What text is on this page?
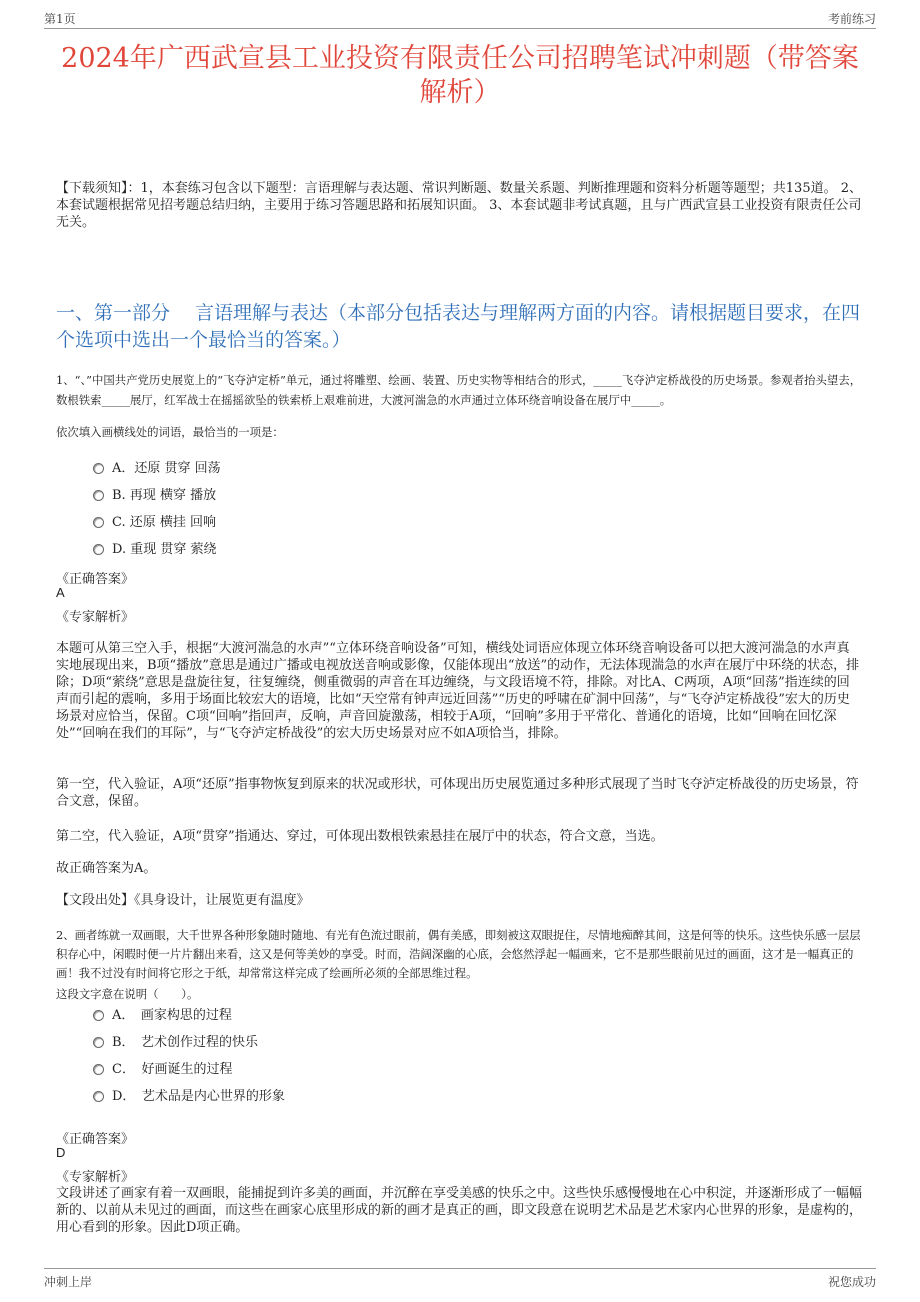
第1页	考前练习
2024年广西武宣县工业投资有限责任公司招聘笔试冲刺题（带答案解析）
【下载须知】：1，本套练习包含以下题型：言语理解与表达题、常识判断题、数量关系题、判断推理题和资料分析题等题型；共135道。 2、本套试题根据常见招考题总结归纳，主要用于练习答题思路和拓展知识面。 3、本套试题非考试真题，且与广西武宣县工业投资有限责任公司无关。
一、第一部分　 言语理解与表达（本部分包括表达与理解两方面的内容。请根据题目要求，在四个选项中选出一个最恰当的答案。）
1、“、”中国共产党历史展览上的“飞夺泸定桥”单元，通过将雕塑、绘画、装置、历史实物等相结合的形式，_____飞夺泸定桥战役的历史场景。参观者抬头望去，数根铁索_____展厅，红军战士在摇摇欲坠的铁索桥上艰难前进，大渡河湍急的水声通过立体环绕音响设备在展厅中_____。
依次填入画横线处的词语，最恰当的一项是：
A．还原 贯穿 回荡
B. 再现 横穿 播放
C. 还原 横挂 回响
D. 重现 贯穿 萦绕
《正确答案》
A
《专家解析》
本题可从第三空入手，根据“大渡河湍急的水声”“立体环绕音响设备”可知，横线处词语应体现立体环绕音响设备可以把大渡河湍急的水声真实地展现出来，B项“播放”意思是通过广播或电视放送音响或影像，仅能体现出“放送”的动作，无法体现湍急的水声在展厅中环绕的状态，排除；D项“萦绕”意思是盘旋往复，往复缠绕，侧重微弱的声音在耳边缠绕，与文段语境不符，排除。对比A、C两项，A项“回荡”指连续的回声而引起的震响，多用于场面比较宏大的语境，比如“天空常有钟声远近回荡”“历史的呼啸在矿洞中回荡”，与“飞夺泸定桥战役”宏大的历史场景对应恰当，保留。C项“回响”指回声，反响，声音回旋激荡，相较于A项，“回响”多用于平常化、普通化的语境，比如“回响在回忆深处”“回响在我们的耳际”，与“飞夺泸定桥战役”的宏大历史场景对应不如A项恰当，排除。
第一空，代入验证，A项“还原”指事物恢复到原来的状况或形状，可体现出历史展览通过多种形式展现了当时飞夺泸定桥战役的历史场景，符合文意，保留。
第二空，代入验证，A项“贯穿”指通达、穿过，可体现出数根铁索悬挂在展厅中的状态，符合文意，当选。
故正确答案为A。
【文段出处】《具身设计，让展览更有温度》
2、画者练就一双画眼，大千世界各种形象随时随地、有光有色流过眼前，偶有美感，即刻被这双眼捉住，尽情地痴醉其间，这是何等的快乐。这些快乐感一层层积存心中，闲暇时便一片片翻出来看，这又是何等美妙的享受。时而，浩阔深幽的心底，会悠然浮起一幅画来，它不是那些眼前见过的画面，这才是一幅真正的画！我不过没有时间将它形之于纸，却常常这样完成了绘画所必须的全部思维过程。
这段文字意在说明（　　）。
A．　画家构思的过程
B．　艺术创作过程的快乐
C．　好画诞生的过程
D．　艺术品是内心世界的形象
《正确答案》
D
《专家解析》
文段讲述了画家有着一双画眼，能捕捉到许多美的画面，并沉醉在享受美感的快乐之中。这些快乐感慢慢地在心中积淀，并逐渐形成了一幅幅新的、以前从未见过的画面，而这些在画家心底里形成的新的画才是真正的画，即文段意在说明艺术品是艺术家内心世界的形象，是虚构的，用心看到的形象。因此D项正确。
冲刺上岸	祝您成功
